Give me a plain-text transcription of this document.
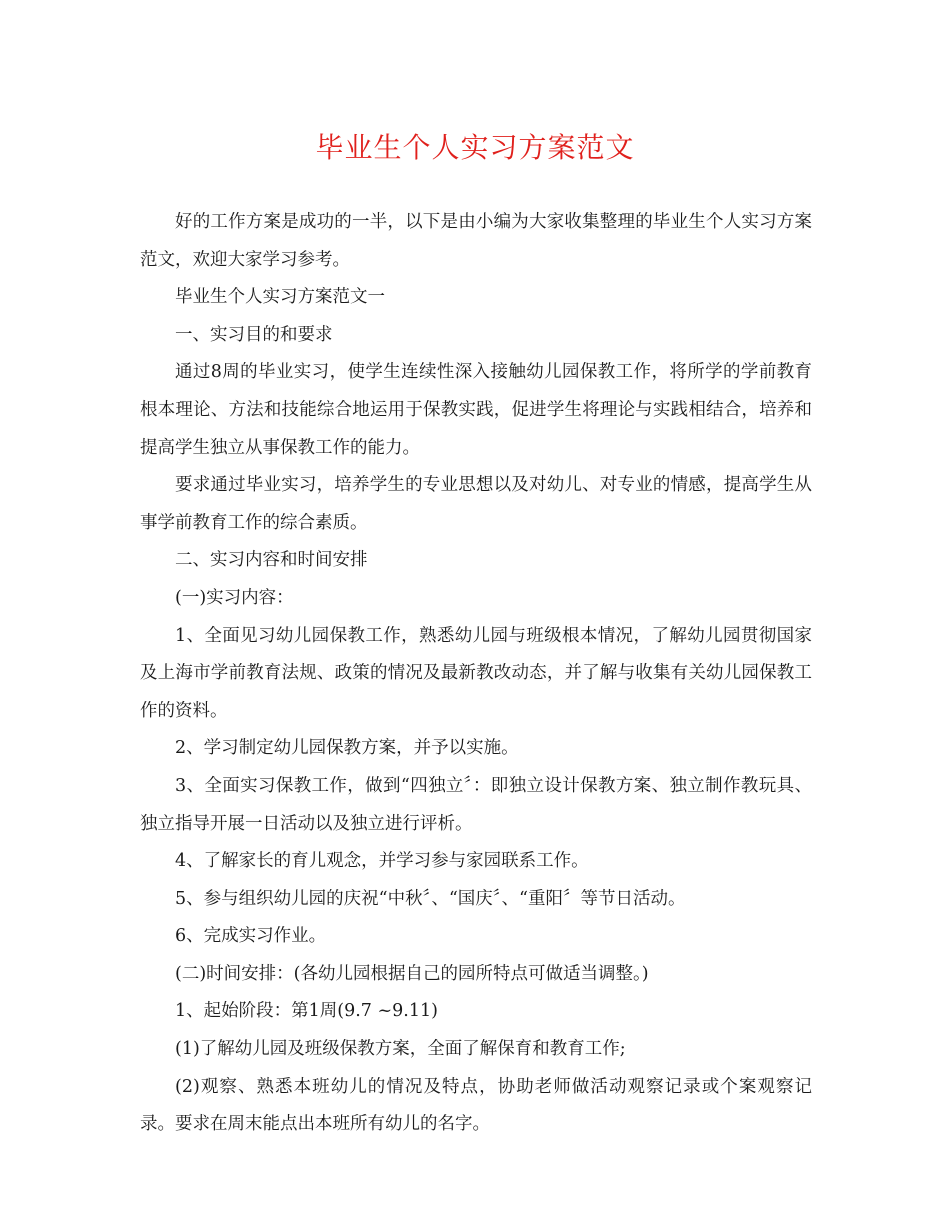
毕业生个人实习方案范文

好的工作方案是成功的一半，以下是由小编为大家收集整理的毕业生个人实习方案范文，欢迎大家学习参考。

毕业生个人实习方案范文一

一、实习目的和要求

通过8周的毕业实习，使学生连续性深入接触幼儿园保教工作，将所学的学前教育根本理论、方法和技能综合地运用于保教实践，促进学生将理论与实践相结合，培养和提高学生独立从事保教工作的能力。

要求通过毕业实习，培养学生的专业思想以及对幼儿、对专业的情感，提高学生从事学前教育工作的综合素质。

二、实习内容和时间安排

(一)实习内容：

1、全面见习幼儿园保教工作，熟悉幼儿园与班级根本情况，了解幼儿园贯彻国家及上海市学前教育法规、政策的情况及最新教改动态，并了解与收集有关幼儿园保教工作的资料。

2、学习制定幼儿园保教方案，并予以实施。

3、全面实习保教工作，做到“四独立〞：即独立设计保教方案、独立制作教玩具、独立指导开展一日活动以及独立进行评析。

4、了解家长的育儿观念，并学习参与家园联系工作。

5、参与组织幼儿园的庆祝“中秋〞、“国庆〞、“重阳〞等节日活动。

6、完成实习作业。

(二)时间安排：(各幼儿园根据自己的园所特点可做适当调整。)

1、起始阶段：第1周(9.7 ~9.11)

(1)了解幼儿园及班级保教方案，全面了解保育和教育工作;

(2)观察、熟悉本班幼儿的情况及特点，协助老师做活动观察记录或个案观察记录。要求在周末能点出本班所有幼儿的名字。
